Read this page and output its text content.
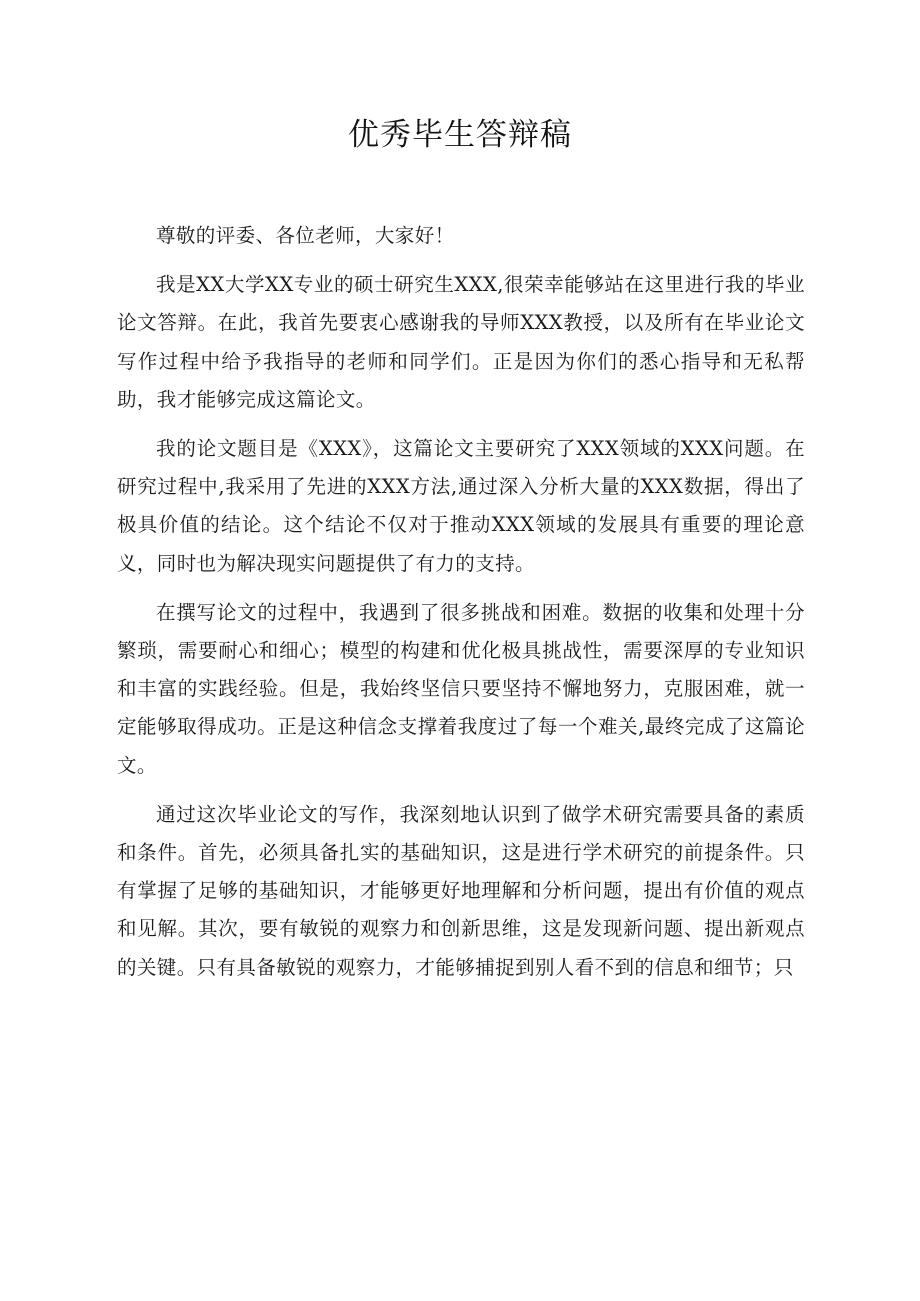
优秀毕生答辩稿

尊敬的评委、各位老师，大家好！

我是XX大学XX专业的硕士研究生XXX,很荣幸能够站在这里进行我的毕业论文答辩。在此，我首先要衷心感谢我的导师XXX教授，以及所有在毕业论文写作过程中给予我指导的老师和同学们。正是因为你们的悉心指导和无私帮助，我才能够完成这篇论文。

我的论文题目是《XXX》，这篇论文主要研究了XXX领域的XXX问题。在研究过程中,我采用了先进的XXX方法,通过深入分析大量的XXX数据，得出了极具价值的结论。这个结论不仅对于推动XXX领域的发展具有重要的理论意义，同时也为解决现实问题提供了有力的支持。

在撰写论文的过程中，我遇到了很多挑战和困难。数据的收集和处理十分繁琐，需要耐心和细心；模型的构建和优化极具挑战性，需要深厚的专业知识和丰富的实践经验。但是，我始终坚信只要坚持不懈地努力，克服困难，就一定能够取得成功。正是这种信念支撑着我度过了每一个难关,最终完成了这篇论文。

通过这次毕业论文的写作，我深刻地认识到了做学术研究需要具备的素质和条件。首先，必须具备扎实的基础知识，这是进行学术研究的前提条件。只有掌握了足够的基础知识，才能够更好地理解和分析问题，提出有价值的观点和见解。其次，要有敏锐的观察力和创新思维，这是发现新问题、提出新观点的关键。只有具备敏锐的观察力，才能够捕捉到别人看不到的信息和细节；只
